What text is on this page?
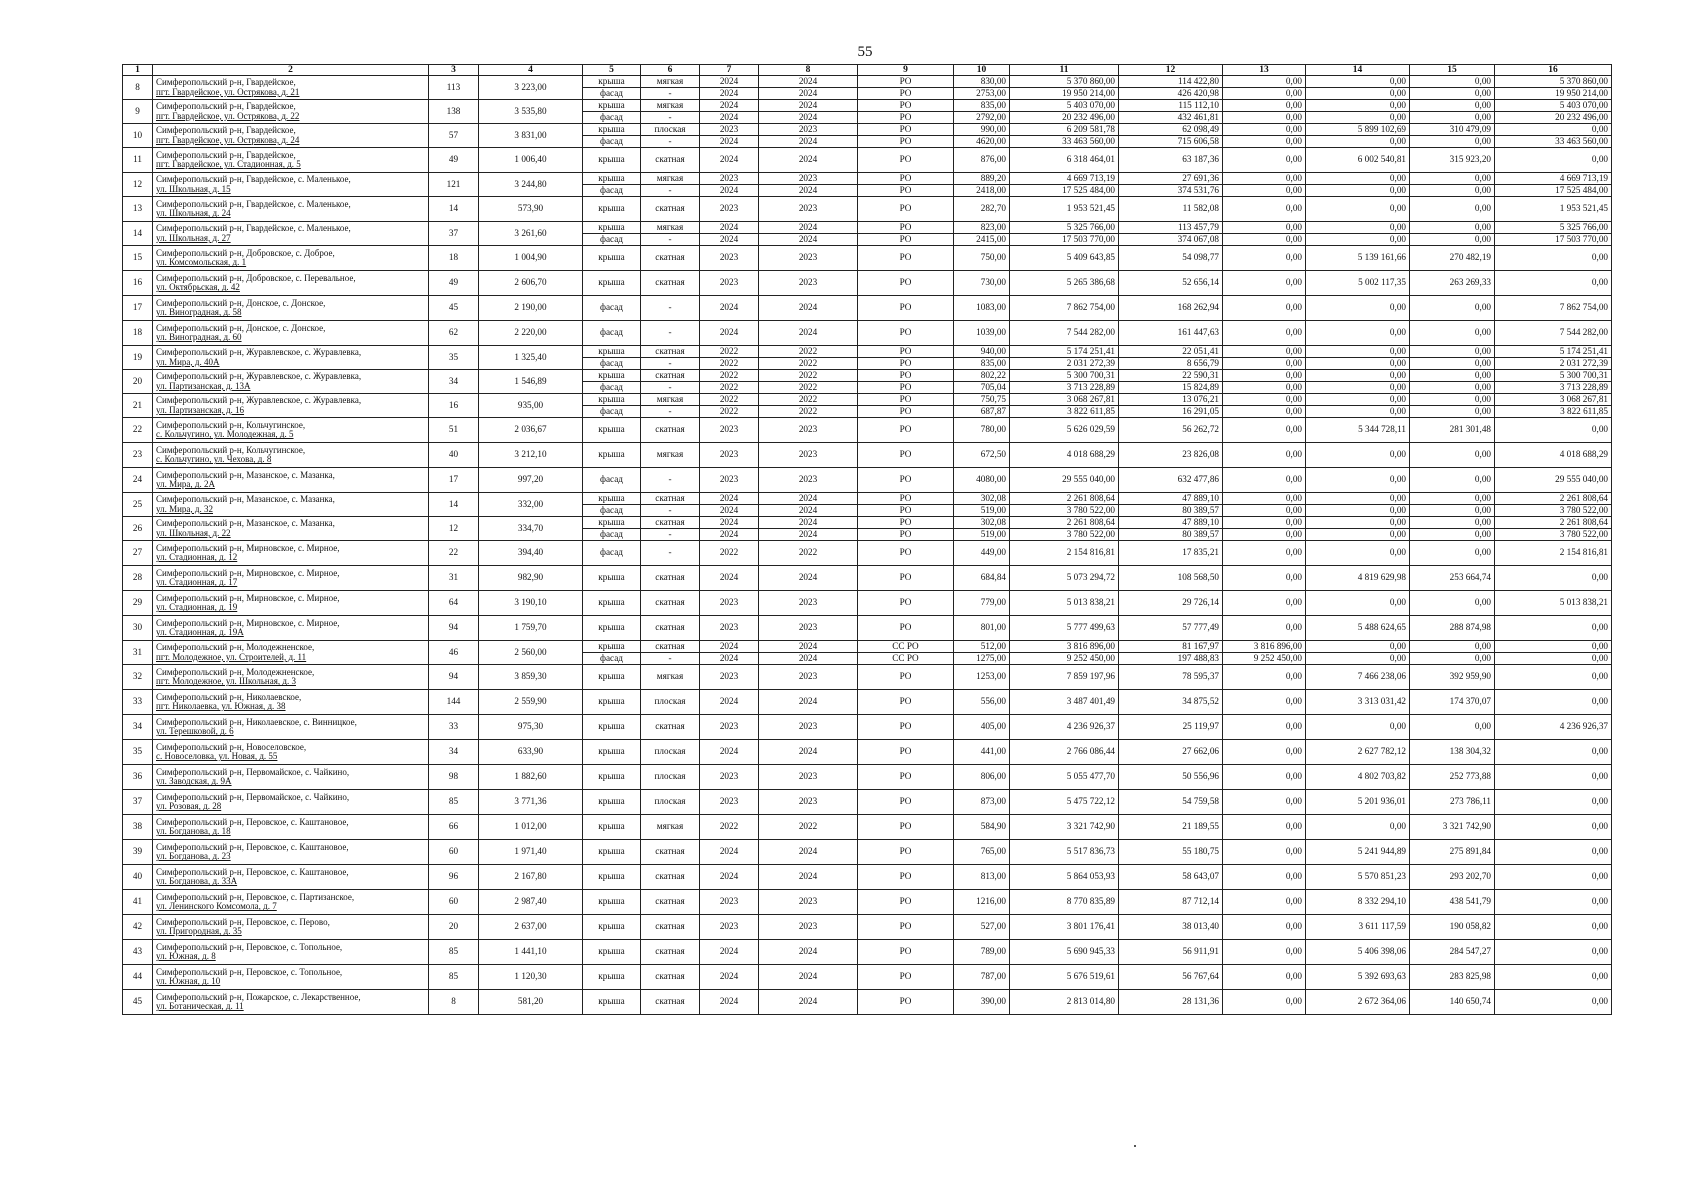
55
1	2	3	4	5	6	7	8	9	10	11	12	13	14	15	16
8	Симферопольский р-н, Гвардейское,
пгт. Гвардейское, ул. Острякова, д. 21	113	3 223,00	крыша	мягкая	2024	2024	РО	830,00	5 370 860,00	114 422,80	0,00	0,00	0,00	5 370 860,00
				фасад	-	2024	2024	РО	2753,00	19 950 214,00	426 420,98	0,00	0,00	0,00	19 950 214,00
9	Симферопольский р-н, Гвардейское,
пгт. Гвардейское, ул. Острякова, д. 22	138	3 535,80	крыша	мягкая	2024	2024	РО	835,00	5 403 070,00	115 112,10	0,00	0,00	0,00	5 403 070,00
				фасад	-	2024	2024	РО	2792,00	20 232 496,00	432 461,81	0,00	0,00	0,00	20 232 496,00
10	Симферопольский р-н, Гвардейское,
пгт. Гвардейское, ул. Острякова, д. 24	57	3 831,00	крыша	плоская	2023	2023	РО	990,00	6 209 581,78	62 098,49	0,00	5 899 102,69	310 479,09	0,00
				фасад	-	2024	2024	РО	4620,00	33 463 560,00	715 606,58	0,00	0,00	0,00	33 463 560,00
11	Симферопольский р-н, Гвардейское,
пгт. Гвардейское, ул. Стадионная, д. 5	49	1 006,40	крыша	скатная	2024	2024	РО	876,00	6 318 464,01	63 187,36	0,00	6 002 540,81	315 923,20	0,00
12	Симферопольский р-н, Гвардейское, с. Маленькое,
ул. Школьная, д. 15	121	3 244,80	крыша	мягкая	2023	2023	РО	889,20	4 669 713,19	27 691,36	0,00	0,00	0,00	4 669 713,19
				фасад	-	2024	2024	РО	2418,00	17 525 484,00	374 531,76	0,00	0,00	0,00	17 525 484,00
13	Симферопольский р-н, Гвардейское, с. Маленькое,
ул. Школьная, д. 24	14	573,90	крыша	скатная	2023	2023	РО	282,70	1 953 521,45	11 582,08	0,00	0,00	0,00	1 953 521,45
14	Симферопольский р-н, Гвардейское, с. Маленькое,
ул. Школьная, д. 27	37	3 261,60	крыша	мягкая	2024	2024	РО	823,00	5 325 766,00	113 457,79	0,00	0,00	0,00	5 325 766,00
				фасад	-	2024	2024	РО	2415,00	17 503 770,00	374 067,08	0,00	0,00	0,00	17 503 770,00
15	Симферопольский р-н, Добровское, с. Доброе,
ул. Комсомольская, д. 1	18	1 004,90	крыша	скатная	2023	2023	РО	750,00	5 409 643,85	54 098,77	0,00	5 139 161,66	270 482,19	0,00
16	Симферопольский р-н, Добровское, с. Перевальное,
ул. Октябрьская, д. 42	49	2 606,70	крыша	скатная	2023	2023	РО	730,00	5 265 386,68	52 656,14	0,00	5 002 117,35	263 269,33	0,00
17	Симферопольский р-н, Донское, с. Донское,
ул. Виноградная, д. 58	45	2 190,00	фасад	-	2024	2024	РО	1083,00	7 862 754,00	168 262,94	0,00	0,00	0,00	7 862 754,00
18	Симферопольский р-н, Донское, с. Донское,
ул. Виноградная, д. 60	62	2 220,00	фасад	-	2024	2024	РО	1039,00	7 544 282,00	161 447,63	0,00	0,00	0,00	7 544 282,00
19	Симферопольский р-н, Журавлевское, с. Журавлевка,
ул. Мира, д. 40А	35	1 325,40	крыша	скатная	2022	2022	РО	940,00	5 174 251,41	22 051,41	0,00	0,00	0,00	5 174 251,41
				фасад	-	2022	2022	РО	835,00	2 031 272,39	8 656,79	0,00	0,00	0,00	2 031 272,39
20	Симферопольский р-н, Журавлевское, с. Журавлевка,
ул. Партизанская, д. 13А	34	1 546,89	крыша	скатная	2022	2022	РО	802,22	5 300 700,31	22 590,31	0,00	0,00	0,00	5 300 700,31
				фасад	-	2022	2022	РО	705,04	3 713 228,89	15 824,89	0,00	0,00	0,00	3 713 228,89
21	Симферопольский р-н, Журавлевское, с. Журавлевка,
ул. Партизанская, д. 16	16	935,00	крыша	мягкая	2022	2022	РО	750,75	3 068 267,81	13 076,21	0,00	0,00	0,00	3 068 267,81
				фасад	-	2022	2022	РО	687,87	3 822 611,85	16 291,05	0,00	0,00	0,00	3 822 611,85
22	Симферопольский р-н, Кольчугинское,
с. Кольчугино, ул. Молодежная, д. 5	51	2 036,67	крыша	скатная	2023	2023	РО	780,00	5 626 029,59	56 262,72	0,00	5 344 728,11	281 301,48	0,00
23	Симферопольский р-н, Кольчугинское,
с. Кольчугино, ул. Чехова, д. 8	40	3 212,10	крыша	мягкая	2023	2023	РО	672,50	4 018 688,29	23 826,08	0,00	0,00	0,00	4 018 688,29
24	Симферопольский р-н, Мазанское, с. Мазанка,
ул. Мира, д. 2А	17	997,20	фасад	-	2023	2023	РО	4080,00	29 555 040,00	632 477,86	0,00	0,00	0,00	29 555 040,00
25	Симферопольский р-н, Мазанское, с. Мазанка,
ул. Мира, д. 32	14	332,00	крыша	скатная	2024	2024	РО	302,08	2 261 808,64	47 889,10	0,00	0,00	0,00	2 261 808,64
				фасад	-	2024	2024	РО	519,00	3 780 522,00	80 389,57	0,00	0,00	0,00	3 780 522,00
26	Симферопольский р-н, Мазанское, с. Мазанка,
ул. Школьная, д. 22	12	334,70	крыша	скатная	2024	2024	РО	302,08	2 261 808,64	47 889,10	0,00	0,00	0,00	2 261 808,64
				фасад	-	2024	2024	РО	519,00	3 780 522,00	80 389,57	0,00	0,00	0,00	3 780 522,00
27	Симферопольский р-н, Мирновское, с. Мирное,
ул. Стадионная, д. 12	22	394,40	фасад	-	2022	2022	РО	449,00	2 154 816,81	17 835,21	0,00	0,00	0,00	2 154 816,81
28	Симферопольский р-н, Мирновское, с. Мирное,
ул. Стадионная, д. 17	31	982,90	крыша	скатная	2024	2024	РО	684,84	5 073 294,72	108 568,50	0,00	4 819 629,98	253 664,74	0,00
29	Симферопольский р-н, Мирновское, с. Мирное,
ул. Стадионная, д. 19	64	3 190,10	крыша	скатная	2023	2023	РО	779,00	5 013 838,21	29 726,14	0,00	0,00	0,00	5 013 838,21
30	Симферопольский р-н, Мирновское, с. Мирное,
ул. Стадионная, д. 19А	94	1 759,70	крыша	скатная	2023	2023	РО	801,00	5 777 499,63	57 777,49	0,00	5 488 624,65	288 874,98	0,00
31	Симферопольский р-н, Молодежненское,
пгт. Молодежное, ул. Строителей, д. 11	46	2 560,00	крыша	скатная	2024	2024	СС РО	512,00	3 816 896,00	81 167,97	3 816 896,00	0,00	0,00	0,00
				фасад	-	2024	2024	СС РО	1275,00	9 252 450,00	197 488,83	9 252 450,00	0,00	0,00	0,00
32	Симферопольский р-н, Молодежненское,
пгт. Молодежное, ул. Школьная, д. 3	94	3 859,30	крыша	мягкая	2023	2023	РО	1253,00	7 859 197,96	78 595,37	0,00	7 466 238,06	392 959,90	0,00
33	Симферопольский р-н, Николаевское,
пгт. Николаевка, ул. Южная, д. 38	144	2 559,90	крыша	плоская	2024	2024	РО	556,00	3 487 401,49	34 875,52	0,00	3 313 031,42	174 370,07	0,00
34	Симферопольский р-н, Николаевское, с. Винницкое,
ул. Терешковой, д. 6	33	975,30	крыша	скатная	2023	2023	РО	405,00	4 236 926,37	25 119,97	0,00	0,00	0,00	4 236 926,37
35	Симферопольский р-н, Новоселовское,
с. Новоселовка, ул. Новая, д. 55	34	633,90	крыша	плоская	2024	2024	РО	441,00	2 766 086,44	27 662,06	0,00	2 627 782,12	138 304,32	0,00
36	Симферопольский р-н, Первомайское, с. Чайкино,
ул. Заводская, д. 9А	98	1 882,60	крыша	плоская	2023	2023	РО	806,00	5 055 477,70	50 556,96	0,00	4 802 703,82	252 773,88	0,00
37	Симферопольский р-н, Первомайское, с. Чайкино,
ул. Розовая, д. 28	85	3 771,36	крыша	плоская	2023	2023	РО	873,00	5 475 722,12	54 759,58	0,00	5 201 936,01	273 786,11	0,00
38	Симферопольский р-н, Перовское, с. Каштановое,
ул. Богданова, д. 18	66	1 012,00	крыша	мягкая	2022	2022	РО	584,90	3 321 742,90	21 189,55	0,00	0,00	3 321 742,90	0,00
39	Симферопольский р-н, Перовское, с. Каштановое,
ул. Богданова, д. 23	60	1 971,40	крыша	скатная	2024	2024	РО	765,00	5 517 836,73	55 180,75	0,00	5 241 944,89	275 891,84	0,00
40	Симферопольский р-н, Перовское, с. Каштановое,
ул. Богданова, д. 33А	96	2 167,80	крыша	скатная	2024	2024	РО	813,00	5 864 053,93	58 643,07	0,00	5 570 851,23	293 202,70	0,00
41	Симферопольский р-н, Перовское, с. Партизанское,
ул. Ленинского Комсомола, д. 7	60	2 987,40	крыша	скатная	2023	2023	РО	1216,00	8 770 835,89	87 712,14	0,00	8 332 294,10	438 541,79	0,00
42	Симферопольский р-н, Перовское, с. Перово,
ул. Пригородная, д. 35	20	2 637,00	крыша	скатная	2023	2023	РО	527,00	3 801 176,41	38 013,40	0,00	3 611 117,59	190 058,82	0,00
43	Симферопольский р-н, Перовское, с. Топольное,
ул. Южная, д. 8	85	1 441,10	крыша	скатная	2024	2024	РО	789,00	5 690 945,33	56 911,91	0,00	5 406 398,06	284 547,27	0,00
44	Симферопольский р-н, Перовское, с. Топольное,
ул. Южная, д. 10	85	1 120,30	крыша	скатная	2024	2024	РО	787,00	5 676 519,61	56 767,64	0,00	5 392 693,63	283 825,98	0,00
45	Симферопольский р-н, Пожарское, с. Лекарственное,
ул. Ботаническая, д. 11	8	581,20	крыша	скатная	2024	2024	РО	390,00	2 813 014,80	28 131,36	0,00	2 672 364,06	140 650,74	0,00
